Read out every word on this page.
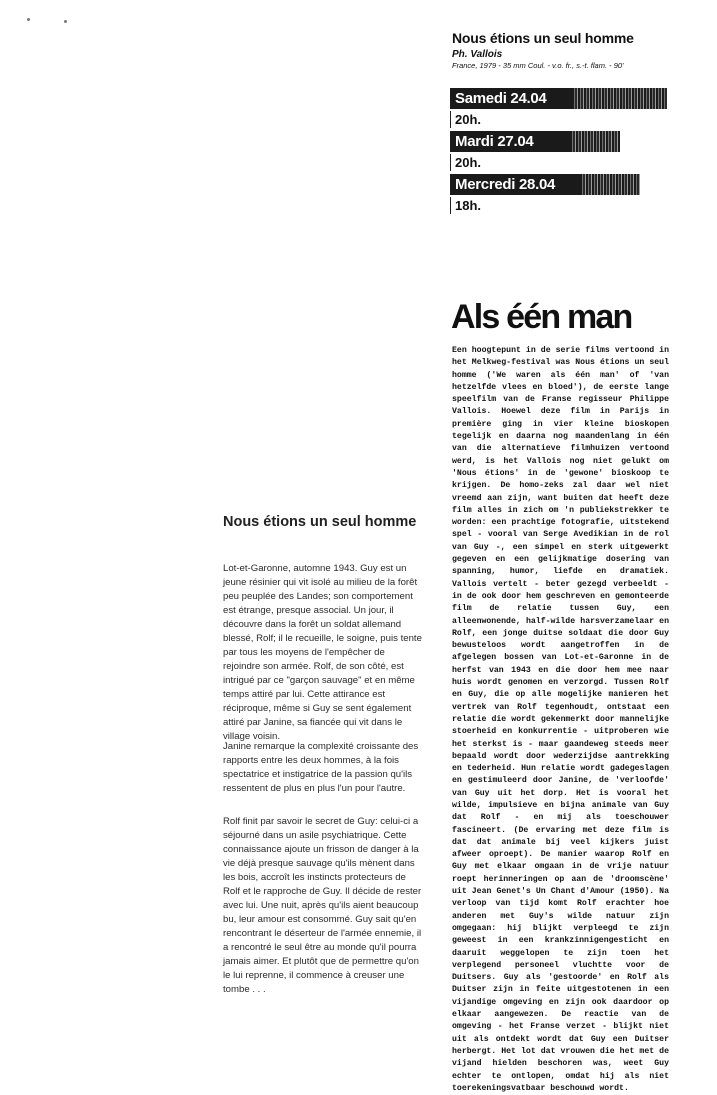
Nous étions un seul homme
Ph. Vallois
France, 1979 - 35 mm Coul. - v.o. fr., s.-t. flam. - 90'
Samedi 24.04
20h.
Mardi 27.04
20h.
Mercredi 28.04
18h.
Als één man

Een hoogtepunt in de serie films vertoond in het Melkweg-festival was Nous étions un seul homme ('We waren als één man' of 'van hetzelfde vlees en bloed'), de eerste lange speelfilm van de Franse regisseur Philippe Vallois. Hoewel deze film in Parijs in première ging in vier kleine bioskopen tegelijk en daarna nog maandenlang in één van die alternatieve filmhuizen vertoond werd, is het Vallois nog niet gelukt om 'Nous étions' in de 'gewone' bioskoop te krijgen. De homo-zeks zal daar wel niet vreemd aan zijn, want buiten dat heeft deze film alles in zich om 'n publiekstrekker te worden: een prachtige fotografie, uitstekend spel - vooral van Serge Avedikian in de rol van Guy -, een simpel en sterk uitgewerkt gegeven en een gelijkmatige dosering van spanning, humor, liefde en dramatiek. Vallois vertelt - beter gezegd verbeeldt - in de ook door hem geschreven en gemonteerde film de relatie tussen Guy, een alleenwonende, half-wilde harsverzamelaar en Rolf, een jonge duitse soldaat die door Guy bewusteloos wordt aangetroffen in de afgelegen bossen van Lot-et-Garonne in de herfst van 1943 en die door hem mee naar huis wordt genomen en verzorgd. Tussen Rolf en Guy, die op alle mogelijke manieren het vertrek van Rolf tegenhoudt, ontstaat een relatie die wordt gekenmerkt door mannelijke stoerheid en konkurrentie - uitproberen wie het sterkst is - maar gaandeweg steeds meer bepaald wordt door wederzijdse aantrekking en tederheid. Hun relatie wordt gadegeslagen en gestimuleerd door Janine, de 'verloofde' van Guy uit het dorp. Het is vooral het wilde, impulsieve en bijna animale van Guy dat Rolf - en mij als toeschouwer fascineert. (De ervaring met deze film is dat dat animale bij veel kijkers juist afweer oproept). De manier waarop Rolf en Guy met elkaar omgaan in de vrije natuur roept herinneringen op aan de 'droomscène' uit Jean Genet's Un Chant d'Amour (1950). Na verloop van tijd komt Rolf erachter hoe anderen met Guy's wilde natuur zijn omgegaan: hij blijkt verpleegd te zijn geweest in een krankzinnigengesticht en daaruit weggelopen te zijn toen het verplegend personeel vluchtte voor de Duitsers. Guy als 'gestoorde' en Rolf als Duitser zijn in feite uitgestotenen in een vijandige omgeving en zijn ook daardoor op elkaar aangewezen. De reactie van de omgeving - het Franse verzet - blijkt niet uit als ontdekt wordt dat Guy een Duitser herbergt. Het lot dat vrouwen die het met de vijand hielden beschoren was, weet Guy echter te ontlopen, omdat hij als niet toerekeningsvatbaar beschouwd wordt.

Nous étions un seul homme

Lot-et-Garonne, automne 1943. Guy est un jeune résinier qui vit isolé au milieu de la forêt peu peuplée des Landes; son comportement est étrange, presque associal. Un jour, il découvre dans la forêt un soldat allemand blessé, Rolf; il le recueille, le soigne, puis tente par tous les moyens de l'empêcher de rejoindre son armée. Rolf, de son côté, est intrigué par ce "garçon sauvage" et en même temps attiré par lui. Cette attirance est réciproque, même si Guy se sent également attiré par Janine, sa fiancée qui vit dans le village voisin.

Janine remarque la complexité croissante des rapports entre les deux hommes, à la fois spectatrice et instigatrice de la passion qu'ils ressentent de plus en plus l'un pour l'autre.

Rolf finit par savoir le secret de Guy: celui-ci a séjourné dans un asile psychiatrique. Cette connaissance ajoute un frisson de danger à la vie déjà presque sauvage qu'ils mènent dans les bois, accroît les instincts protecteurs de Rolf et le rapproche de Guy. Il décide de rester avec lui. Une nuit, après qu'ils aient beaucoup bu, leur amour est consommé. Guy sait qu'en rencontrant le déserteur de l'armée ennemie, il a rencontré le seul être au monde qu'il pourra jamais aimer. Et plutôt que de permettre qu'on le lui reprenne, il commence à creuser une tombe . . .
